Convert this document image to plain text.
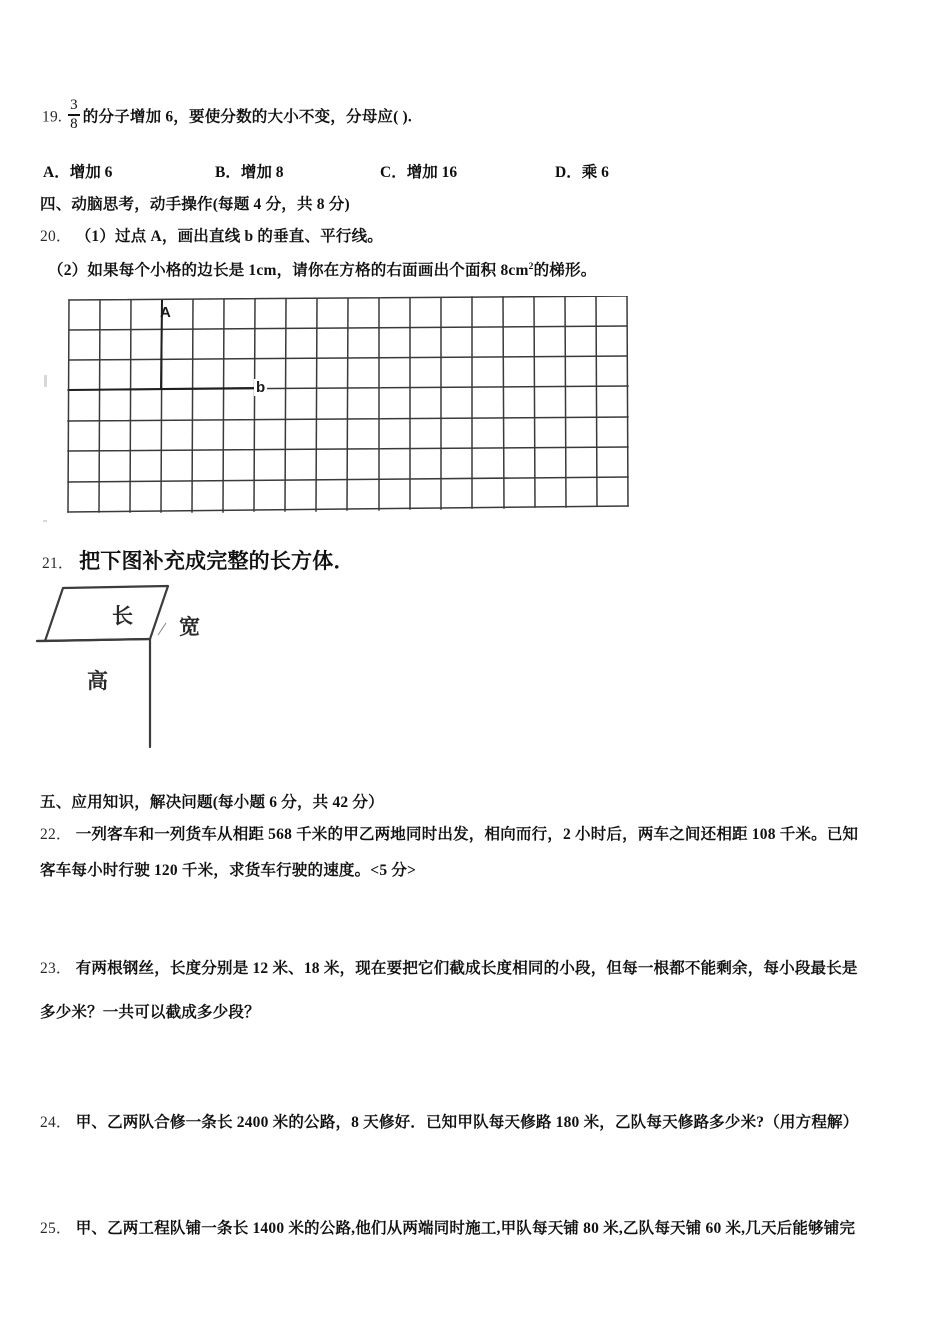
19. $\frac{3}{8}$ 的分子增加 6，要使分数的大小不变，分母应( ).
A．增加 6	B．增加 8	C．增加 16	D．乘 6
四、动脑思考，动手操作(每题 4 分，共 8 分)
20． （1）过点 A，画出直线 b 的垂直、平行线。
（2）如果每个小格的边长是 1cm，请你在方格的右面画出个面积 $8cm^2$的梯形。
A
b
21． 把下图补充成完整的长方体．
长 宽
高
五、应用知识，解决问题(每小题 6 分，共 42 分）
22． 一列客车和一列货车从相距 568 千米的甲乙两地同时出发，相向而行，2 小时后，两车之间还相距 108 千米。已知
客车每小时行驶 120 千米，求货车行驶的速度。<5 分>
23． 有两根钢丝，长度分别是 12 米、18 米，现在要把它们截成长度相同的小段，但每一根都不能剩余，每小段最长是
多少米？一共可以截成多少段？
24． 甲、乙两队合修一条长 2400 米的公路，8 天修好．已知甲队每天修路 180 米，乙队每天修路多少米?（用方程解）
25． 甲、乙两工程队铺一条长 1400 米的公路,他们从两端同时施工,甲队每天铺 80 米,乙队每天铺 60 米,几天后能够铺完
